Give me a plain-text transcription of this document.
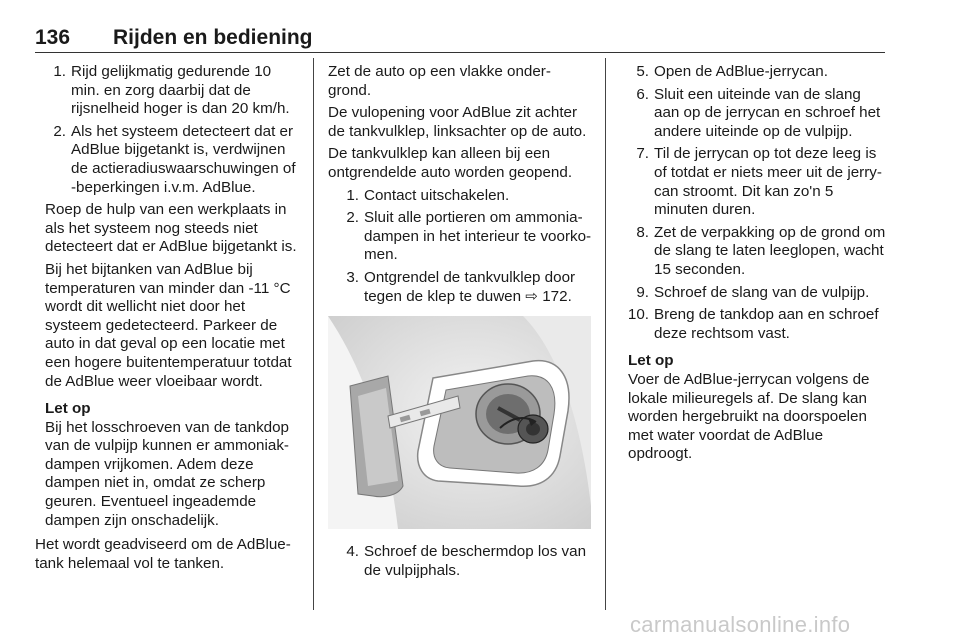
136 Rijden en bediening
1. Rijd gelijkmatig gedurende 10 min. en zorg daarbij dat de rijsnelheid hoger is dan 20 km/h.
2. Als het systeem detecteert dat er AdBlue bijgetankt is, verdwijnen de actieradiuswaarschuwingen of -beperkingen i.v.m. AdBlue.

Roep de hulp van een werkplaats in als het systeem nog steeds niet detecteert dat er AdBlue bijgetankt is.

Bij het bijtanken van AdBlue bij temperaturen van minder dan -11 °C wordt dit wellicht niet door het systeem gedetecteerd. Parkeer de auto in dat geval op een locatie met een hogere buitentemperatuur totdat de AdBlue weer vloeibaar wordt.

Let op
Bij het losschroeven van de tankdop van de vulpijp kunnen er ammoniak-dampen vrijkomen. Adem deze dampen niet in, omdat ze scherp geuren. Eventueel ingeademde dampen zijn onschadelijk.

Het wordt geadviseerd om de AdBlue-tank helemaal vol te tanken.

Zet de auto op een vlakke onder-grond.

De vulopening voor AdBlue zit achter de tankvulklep, linksachter op de auto.

De tankvulklep kan alleen bij een ontgrendelde auto worden geopend.

1. Contact uitschakelen.
2. Sluit alle portieren om ammonia-dampen in het interieur te voorko-men.
3. Ontgrendel de tankvulklep door tegen de klep te duwen ⇨ 172.
4. Schroef de beschermdop los van de vulpijphals.
5. Open de AdBlue-jerrycan.
6. Sluit een uiteinde van de slang aan op de jerrycan en schroef het andere uiteinde op de vulpijp.
7. Til de jerrycan op tot deze leeg is of totdat er niets meer uit de jerry-can stroomt. Dit kan zo'n 5 minuten duren.
8. Zet de verpakking op de grond om de slang te laten leeglopen, wacht 15 seconden.
9. Schroef de slang van de vulpijp.
10. Breng de tankdop aan en schroef deze rechtsom vast.
Let op
Voer de AdBlue-jerrycan volgens de lokale milieuregels af. De slang kan worden hergebruikt na doorspoelen met water voordat de AdBlue opdroogt.
carmanualsonline.info
